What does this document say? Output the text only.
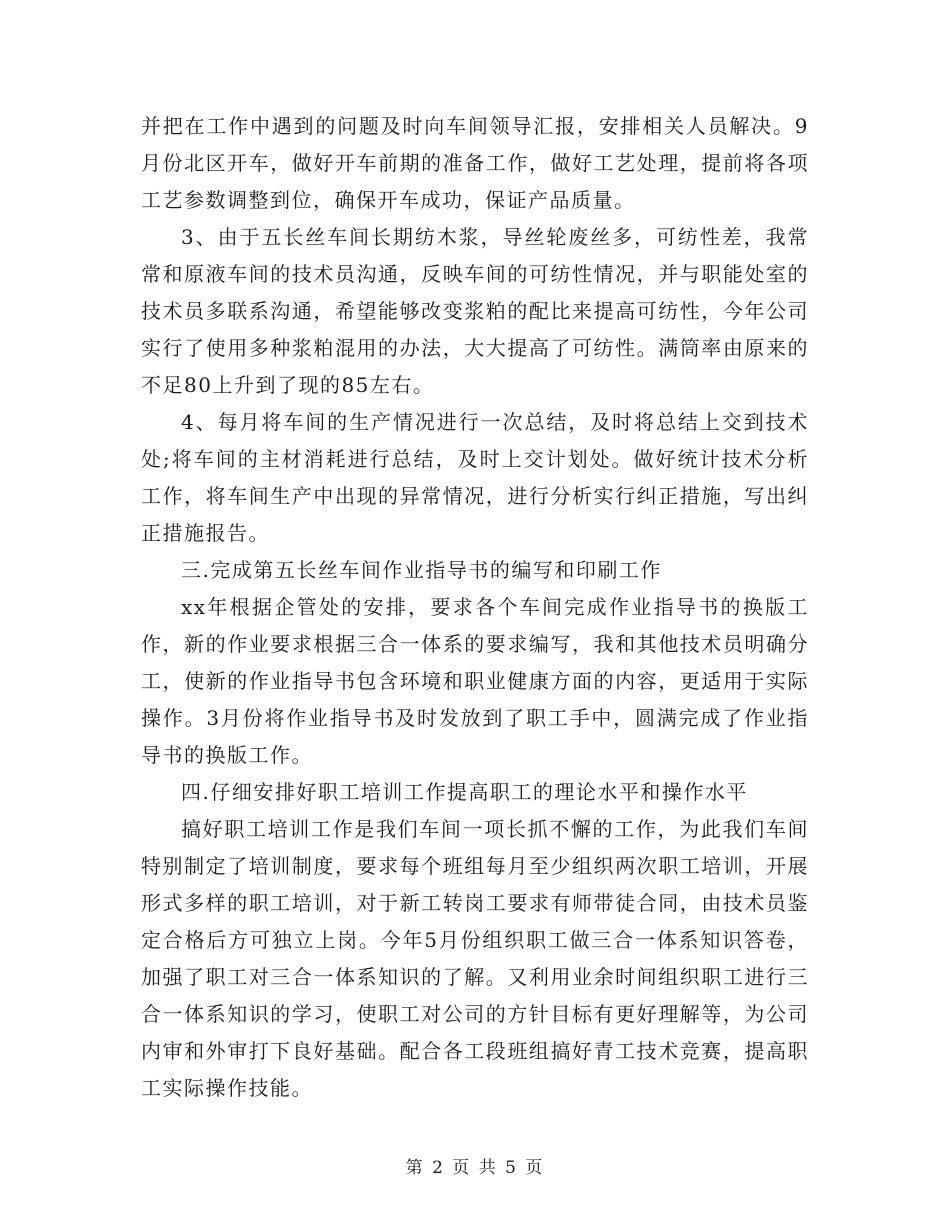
并把在工作中遇到的问题及时向车间领导汇报，安排相关人员解决。9月份北区开车，做好开车前期的准备工作，做好工艺处理，提前将各项工艺参数调整到位，确保开车成功，保证产品质量。

3、由于五长丝车间长期纺木浆，导丝轮废丝多，可纺性差，我常常和原液车间的技术员沟通，反映车间的可纺性情况，并与职能处室的技术员多联系沟通，希望能够改变浆粕的配比来提高可纺性，今年公司实行了使用多种浆粕混用的办法，大大提高了可纺性。满筒率由原来的不足80上升到了现的85左右。

4、每月将车间的生产情况进行一次总结，及时将总结上交到技术处;将车间的主材消耗进行总结，及时上交计划处。做好统计技术分析工作，将车间生产中出现的异常情况，进行分析实行纠正措施，写出纠正措施报告。

三.完成第五长丝车间作业指导书的编写和印刷工作

xx年根据企管处的安排，要求各个车间完成作业指导书的换版工作，新的作业要求根据三合一体系的要求编写，我和其他技术员明确分工，使新的作业指导书包含环境和职业健康方面的内容，更适用于实际操作。3月份将作业指导书及时发放到了职工手中，圆满完成了作业指导书的换版工作。

四.仔细安排好职工培训工作提高职工的理论水平和操作水平

搞好职工培训工作是我们车间一项长抓不懈的工作，为此我们车间特别制定了培训制度，要求每个班组每月至少组织两次职工培训，开展形式多样的职工培训，对于新工转岗工要求有师带徒合同，由技术员鉴定合格后方可独立上岗。今年5月份组织职工做三合一体系知识答卷，加强了职工对三合一体系知识的了解。又利用业余时间组织职工进行三合一体系知识的学习，使职工对公司的方针目标有更好理解等，为公司内审和外审打下良好基础。配合各工段班组搞好青工技术竞赛，提高职工实际操作技能。

第 2 页 共 5 页
